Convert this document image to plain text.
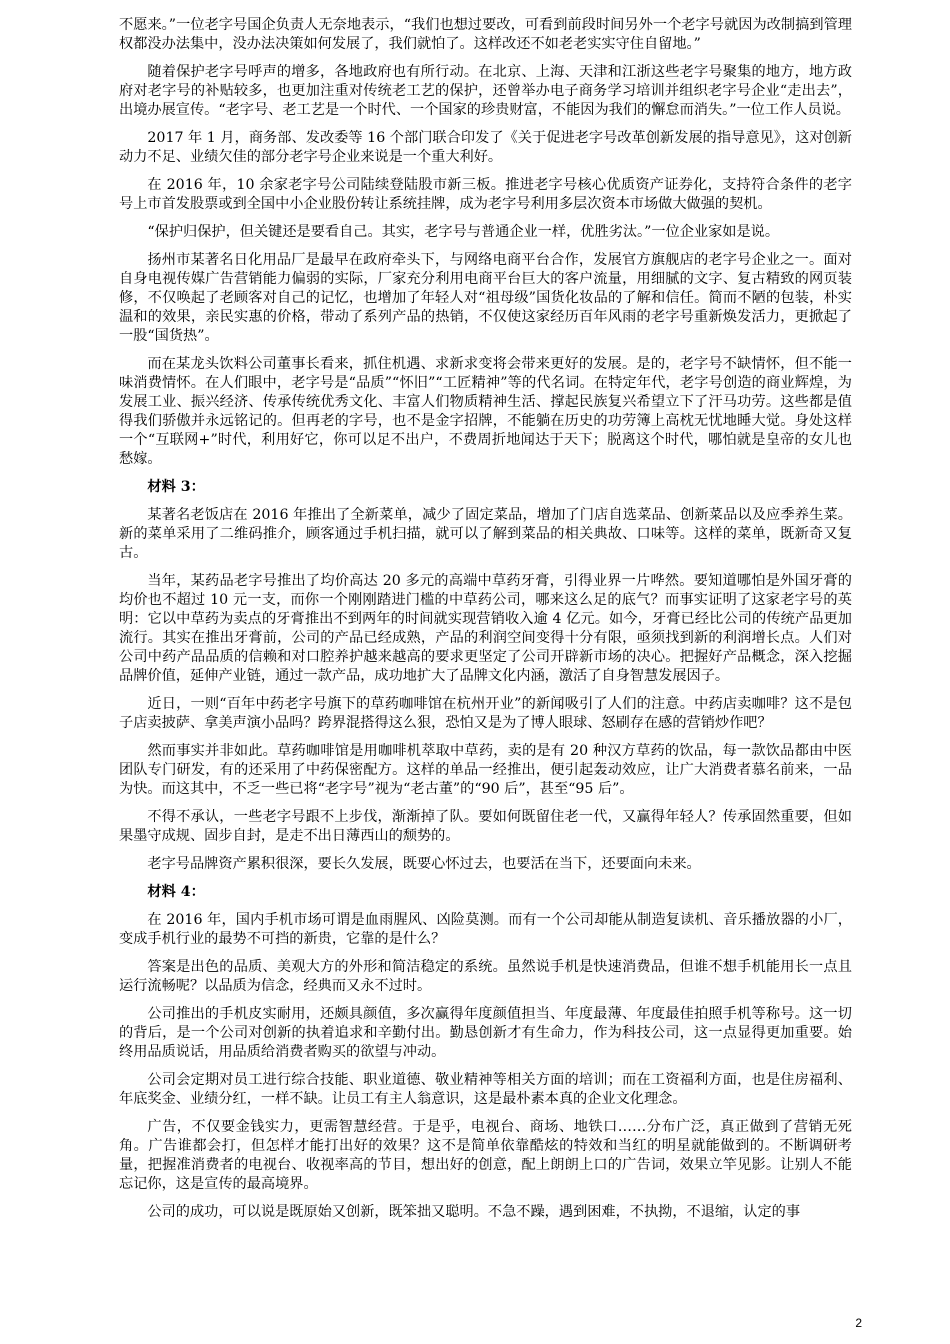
不愿来。”一位老字号国企负责人无奈地表示，“我们也想过要改，可看到前段时间另外一个老字号就因为改制搞到管理权都没办法集中，没办法决策如何发展了，我们就怕了。这样改还不如老老实实守住自留地。”

随着保护老字号呼声的增多，各地政府也有所行动。在北京、上海、天津和江浙这些老字号聚集的地方，地方政府对老字号的补贴较多，也更加注重对传统老工艺的保护，还曾举办电子商务学习培训并组织老字号企业“走出去”，出境办展宣传。“老字号、老工艺是一个时代、一个国家的珍贵财富，不能因为我们的懈怠而消失。”一位工作人员说。

2017 年 1 月，商务部、发改委等 16 个部门联合印发了《关于促进老字号改革创新发展的指导意见》，这对创新动力不足、业绩欠佳的部分老字号企业来说是一个重大利好。

在 2016 年，10 余家老字号公司陆续登陆股市新三板。推进老字号核心优质资产证券化，支持符合条件的老字号上市首发股票或到全国中小企业股份转让系统挂牌，成为老字号利用多层次资本市场做大做强的契机。

“保护归保护，但关键还是要看自己。其实，老字号与普通企业一样，优胜劣汰。”一位企业家如是说。

扬州市某著名日化用品厂是最早在政府牵头下，与网络电商平台合作，发展官方旗舰店的老字号企业之一。面对自身电视传媒广告营销能力偏弱的实际，厂家充分利用电商平台巨大的客户流量，用细腻的文字、复古精致的网页装修，不仅唤起了老顾客对自己的记忆，也增加了年轻人对“祖母级”国货化妆品的了解和信任。简而不陋的包装，朴实温和的效果，亲民实惠的价格，带动了系列产品的热销，不仅使这家经历百年风雨的老字号重新焕发活力，更掀起了一股“国货热”。

而在某龙头饮料公司董事长看来，抓住机遇、求新求变将会带来更好的发展。是的，老字号不缺情怀，但不能一味消费情怀。在人们眼中，老字号是“品质”“怀旧”“工匠精神”等的代名词。在特定年代，老字号创造的商业辉煌，为发展工业、振兴经济、传承传统优秀文化、丰富人们物质精神生活、撑起民族复兴希望立下了汗马功劳。这些都是值得我们骄傲并永远铭记的。但再老的字号，也不是金字招牌，不能躺在历史的功劳簿上高枕无忧地睡大觉。身处这样一个“互联网+”时代，利用好它，你可以足不出户，不费周折地闻达于天下；脱离这个时代，哪怕就是皇帝的女儿也愁嫁。

材料 3：

某著名老饭店在 2016 年推出了全新菜单，减少了固定菜品，增加了门店自选菜品、创新菜品以及应季养生菜。新的菜单采用了二维码推介，顾客通过手机扫描，就可以了解到菜品的相关典故、口味等。这样的菜单，既新奇又复古。

当年，某药品老字号推出了均价高达 20 多元的高端中草药牙膏，引得业界一片哗然。要知道哪怕是外国牙膏的均价也不超过 10 元一支，而你一个刚刚踏进门槛的中草药公司，哪来这么足的底气？而事实证明了这家老字号的英明：它以中草药为卖点的牙膏推出不到两年的时间就实现营销收入逾 4 亿元。如今，牙膏已经比公司的传统产品更加流行。其实在推出牙膏前，公司的产品已经成熟，产品的利润空间变得十分有限，亟须找到新的利润增长点。人们对公司中药产品品质的信赖和对口腔养护越来越高的要求更坚定了公司开辟新市场的决心。把握好产品概念，深入挖掘品牌价值，延伸产业链，通过一款产品，成功地扩大了品牌文化内涵，激活了自身智慧发展因子。

近日，一则“百年中药老字号旗下的草药咖啡馆在杭州开业”的新闻吸引了人们的注意。中药店卖咖啡？这不是包子店卖披萨、拿美声演小品吗？跨界混搭得这么狠，恐怕又是为了博人眼球、怒刷存在感的营销炒作吧？

然而事实并非如此。草药咖啡馆是用咖啡机萃取中草药，卖的是有 20 种汉方草药的饮品，每一款饮品都由中医团队专门研发，有的还采用了中药保密配方。这样的单品一经推出，便引起轰动效应，让广大消费者慕名前来，一品为快。而这其中，不乏一些已将“老字号”视为“老古董”的“90 后”，甚至“95 后”。

不得不承认，一些老字号跟不上步伐，渐渐掉了队。要如何既留住老一代，又赢得年轻人？传承固然重要，但如果墨守成规、固步自封，是走不出日薄西山的颓势的。

老字号品牌资产累积很深，要长久发展，既要心怀过去，也要活在当下，还要面向未来。

材料 4：

在 2016 年，国内手机市场可谓是血雨腥风、凶险莫测。而有一个公司却能从制造复读机、音乐播放器的小厂，变成手机行业的最势不可挡的新贵，它靠的是什么？

答案是出色的品质、美观大方的外形和简洁稳定的系统。虽然说手机是快速消费品，但谁不想手机能用长一点且运行流畅呢？以品质为信念，经典而又永不过时。

公司推出的手机皮实耐用，还颇具颜值，多次赢得年度颜值担当、年度最薄、年度最佳拍照手机等称号。这一切的背后，是一个公司对创新的执着追求和辛勤付出。勤恳创新才有生命力，作为科技公司，这一点显得更加重要。始终用品质说话，用品质给消费者购买的欲望与冲动。

公司会定期对员工进行综合技能、职业道德、敬业精神等相关方面的培训；而在工资福利方面，也是住房福利、年底奖金、业绩分红，一样不缺。让员工有主人翁意识，这是最朴素本真的企业文化理念。

广告，不仅要金钱实力，更需智慧经营。于是乎，电视台、商场、地铁口……分布广泛，真正做到了营销无死角。广告谁都会打，但怎样才能打出好的效果？这不是简单依靠酷炫的特效和当红的明星就能做到的。不断调研考量，把握准消费者的电视台、收视率高的节目，想出好的创意，配上朗朗上口的广告词，效果立竿见影。让别人不能忘记你，这是宣传的最高境界。

公司的成功，可以说是既原始又创新，既笨拙又聪明。不急不躁，遇到困难，不执拗，不退缩，认定的事

2
